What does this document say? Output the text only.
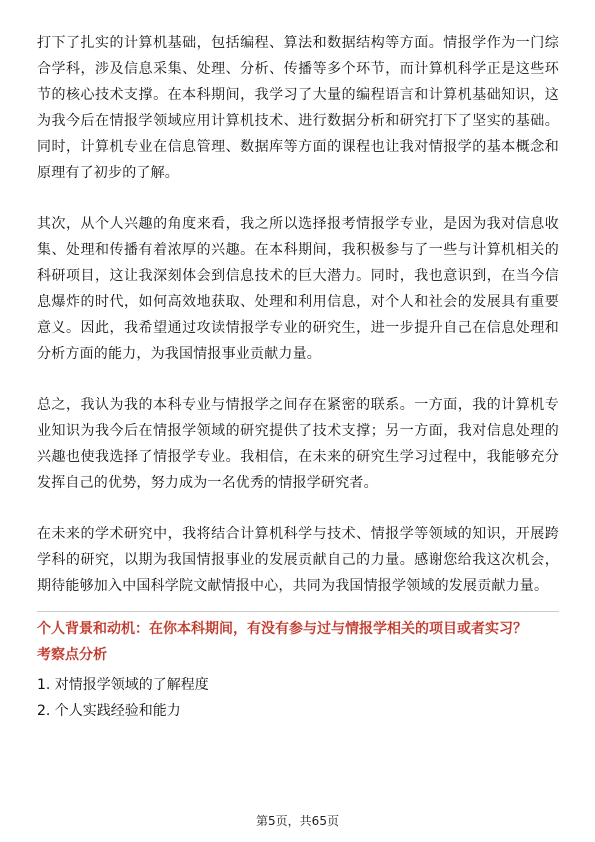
打下了扎实的计算机基础，包括编程、算法和数据结构等方面。情报学作为一门综合学科，涉及信息采集、处理、分析、传播等多个环节，而计算机科学正是这些环节的核心技术支撑。在本科期间，我学习了大量的编程语言和计算机基础知识，这为我今后在情报学领域应用计算机技术、进行数据分析和研究打下了坚实的基础。同时，计算机专业在信息管理、数据库等方面的课程也让我对情报学的基本概念和原理有了初步的了解。

其次，从个人兴趣的角度来看，我之所以选择报考情报学专业，是因为我对信息收集、处理和传播有着浓厚的兴趣。在本科期间，我积极参与了一些与计算机相关的科研项目，这让我深刻体会到信息技术的巨大潜力。同时，我也意识到，在当今信息爆炸的时代，如何高效地获取、处理和利用信息，对个人和社会的发展具有重要意义。因此，我希望通过攻读情报学专业的研究生，进一步提升自己在信息处理和分析方面的能力，为我国情报事业贡献力量。

总之，我认为我的本科专业与情报学之间存在紧密的联系。一方面，我的计算机专业知识为我今后在情报学领域的研究提供了技术支撑；另一方面，我对信息处理的兴趣也使我选择了情报学专业。我相信，在未来的研究生学习过程中，我能够充分发挥自己的优势，努力成为一名优秀的情报学研究者。

在未来的学术研究中，我将结合计算机科学与技术、情报学等领域的知识，开展跨学科的研究，以期为我国情报事业的发展贡献自己的力量。感谢您给我这次机会，期待能够加入中国科学院文献情报中心，共同为我国情报学领域的发展贡献力量。

个人背景和动机：在你本科期间，有没有参与过与情报学相关的项目或者实习？

考察点分析

1. 对情报学领域的了解程度

2. 个人实践经验和能力

第5页，共65页
